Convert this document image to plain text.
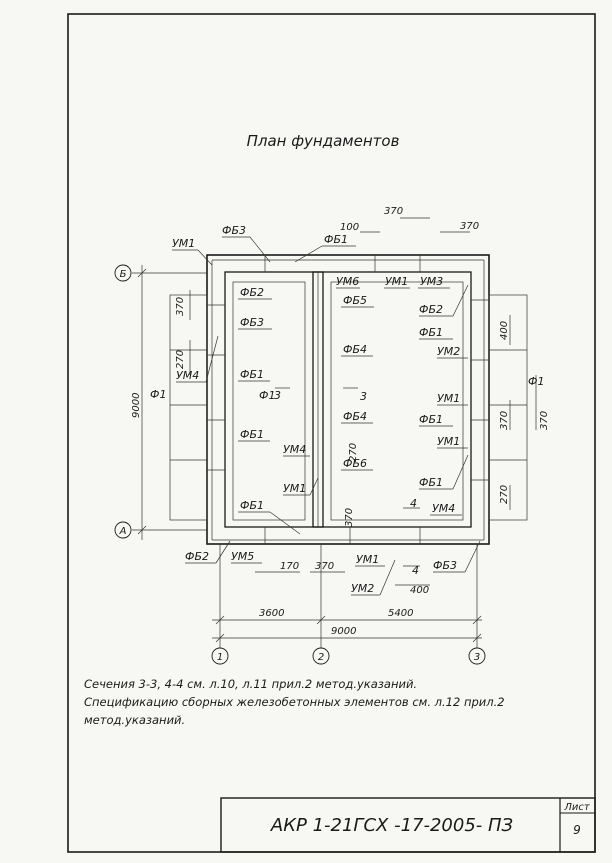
План фундаментов
Б
А
1	2	3
ФБ3
ФБ1
УМ1
ФБ2
ФБ3
УМ4	ФБ1
ФБ1
ФБ1
Ф1	Ф1
УМ6
ФБ5
ФБ4
ФБ4
УМ4
ФБ6
УМ1
УМ1 УМ3
ФБ2
ФБ1
УМ2
УМ1
ФБ1
УМ1
ФБ1
УМ4
Ф1
ФБ2 УМ5	УМ1
УМ2
ФБ3
3	3
4
4
9000
3600	5400
9000
100
370
370
370
270
400
370
270
370
270
370
170 370
400
Сечения 3-3, 4-4 см. л.10, л.11 прил.2 метод.указаний.
Спецификацию сборных железобетонных элементов см. л.12 прил.2
метод.указаний.
АКР 1-21ГСХ -17-2005- ПЗ
Лист
9
